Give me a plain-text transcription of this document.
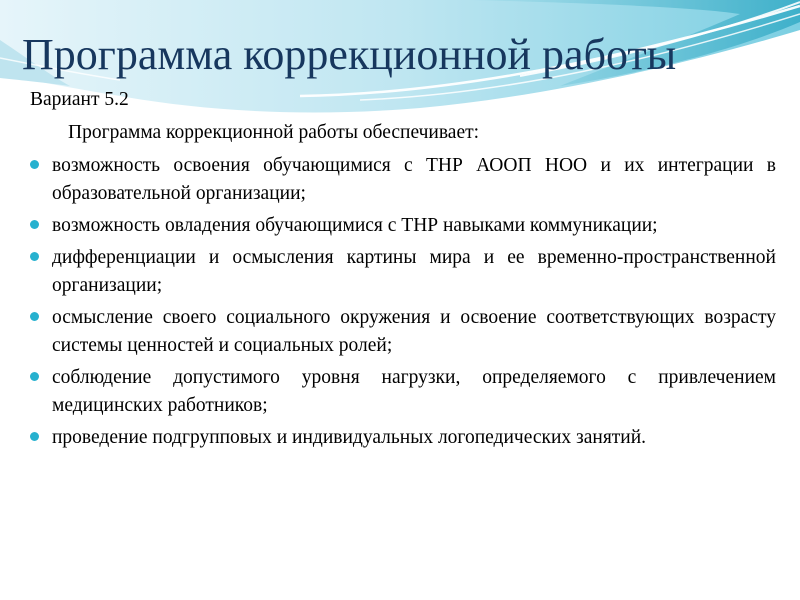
Программа коррекционной работы

Вариант 5.2

Программа коррекционной работы обеспечивает:

возможность освоения обучающимися с ТНР АООП НОО и их интеграции в образовательной организации;
возможность овладения обучающимися с ТНР навыками коммуникации;
дифференциации и осмысления картины мира и ее временно-пространственной организации;
осмысление своего социального окружения и освоение соответствующих возрасту системы ценностей и социальных ролей;
соблюдение допустимого уровня нагрузки, определяемого с привлечением медицинских работников;
проведение подгрупповых и индивидуальных логопедических занятий.
